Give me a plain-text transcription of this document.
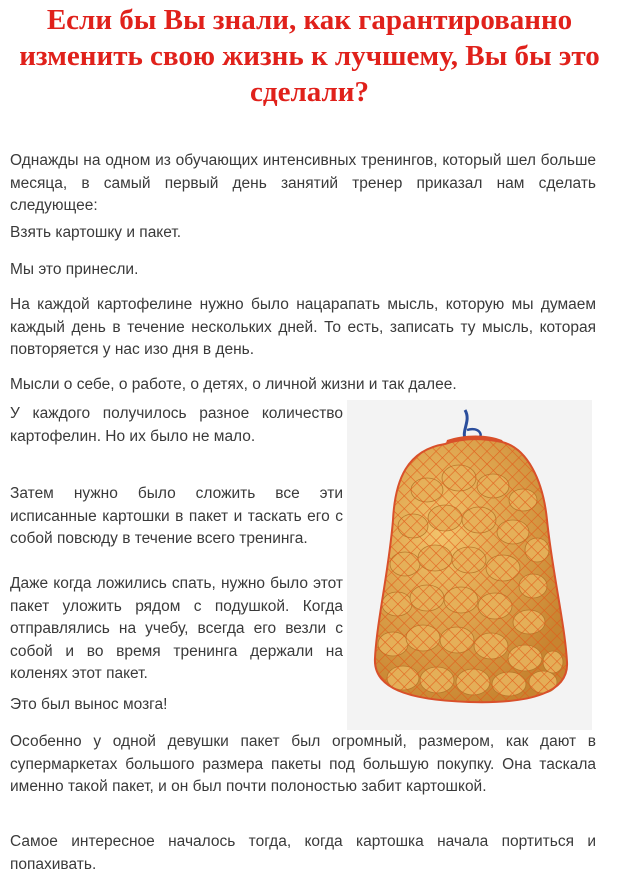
Если бы Вы знали, как гарантированно изменить свою жизнь к лучшему, Вы бы это сделали?

Однажды на одном из обучающих интенсивных тренингов, который шел больше месяца, в самый первый день занятий тренер приказал нам сделать следующее:

Взять картошку и пакет.

Мы это принесли.

На каждой картофелине нужно было нацарапать мысль, которую мы думаем каждый день в течение нескольких дней. То есть, записать ту мысль, которая повторяется у нас изо дня в день.

Мысли о себе, о работе, о детях, о личной жизни и так далее.

У каждого получилось разное количество картофелин. Но их было не мало.

Затем нужно было сложить все эти исписанные картошки в пакет и таскать его с собой повсюду в течение всего тренинга.

Даже когда ложились спать, нужно было этот пакет уложить рядом с подушкой. Когда отправлялись на учебу, всегда его везли с собой и во время тренинга держали на коленях этот пакет.

Это был вынос мозга!

Особенно у одной девушки пакет был огромный, размером, как дают в супермаркетах большого размера пакеты под большую покупку. Она таскала именно такой пакет, и он был почти полоностью забит картошкой.

Самое интересное началось тогда, когда картошка начала портиться и попахивать.
